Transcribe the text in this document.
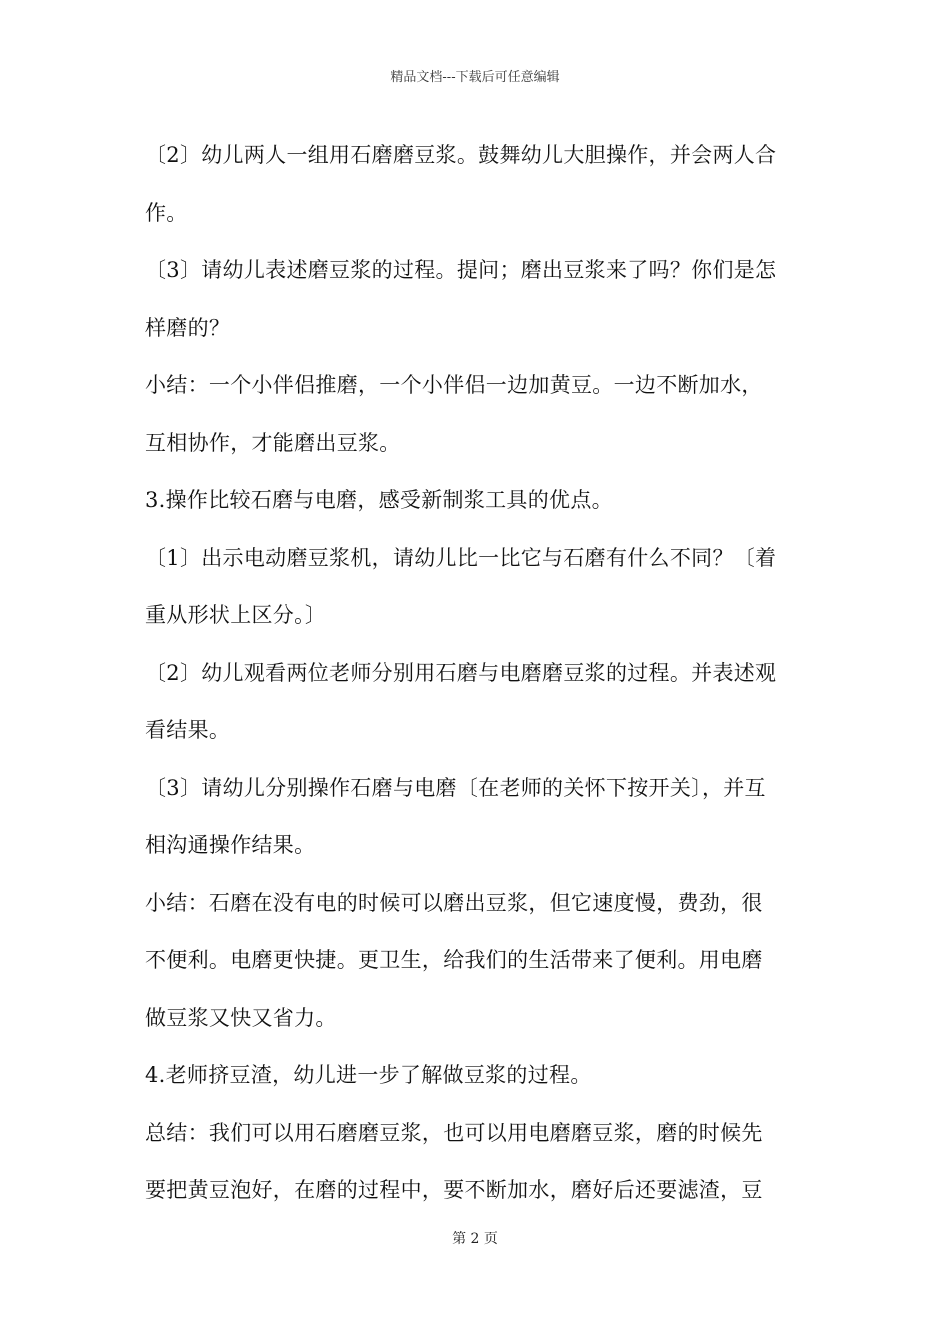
精品文档---下载后可任意编辑
〔2〕幼儿两人一组用石磨磨豆浆。鼓舞幼儿大胆操作，并会两人合
作。
〔3〕请幼儿表述磨豆浆的过程。提问；磨出豆浆来了吗？你们是怎
样磨的？
小结：一个小伴侣推磨，一个小伴侣一边加黄豆。一边不断加水，
互相协作，才能磨出豆浆。
3.操作比较石磨与电磨，感受新制浆工具的优点。
〔1〕出示电动磨豆浆机，请幼儿比一比它与石磨有什么不同？〔着
重从形状上区分。〕
〔2〕幼儿观看两位老师分别用石磨与电磨磨豆浆的过程。并表述观
看结果。
〔3〕请幼儿分别操作石磨与电磨〔在老师的关怀下按开关〕，并互
相沟通操作结果。
小结：石磨在没有电的时候可以磨出豆浆，但它速度慢，费劲，很
不便利。电磨更快捷。更卫生，给我们的生活带来了便利。用电磨
做豆浆又快又省力。
4.老师挤豆渣，幼儿进一步了解做豆浆的过程。
总结：我们可以用石磨磨豆浆，也可以用电磨磨豆浆，磨的时候先
要把黄豆泡好，在磨的过程中，要不断加水，磨好后还要滤渣，豆
第 2 页
